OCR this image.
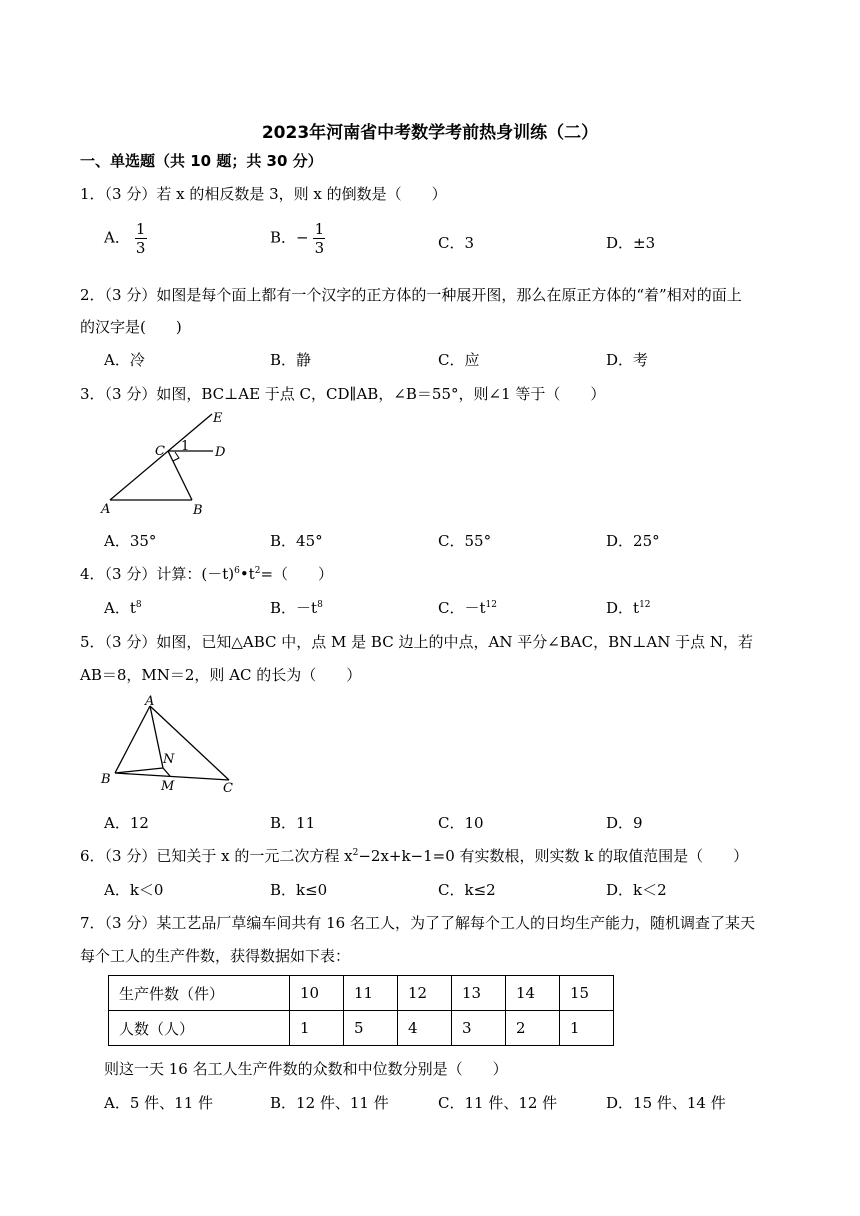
2023年河南省中考数学考前热身训练（二）
一、单选题（共 10 题；共 30 分）
1．（3 分）若 x 的相反数是 3，则 x 的倒数是（　　）
A． $\frac{1}{3}$	B．− $\frac{1}{3}$	C．3	D．±3
2．（3 分）如图是每个面上都有一个汉字的正方体的一种展开图，那么在原正方体的“着”相对的面上
的汉字是(　　)
A．冷	B．静	C．应	D．考
3．（3 分）如图，BC⊥AE 于点 C，CD∥AB，∠B＝55°，则∠1 等于（　　）
E
C 1 D
A	B
A．35°	B．45°	C．55°	D．25°
4．（3 分）计算：$(-t)^6•t^2=$（　　）
A．$t^8$	B．$-t^8$	C．$-t^{12}$	D．$t^{12}$
5．（3 分）如图，已知△ABC 中，点 M 是 BC 边上的中点，AN 平分∠BAC，BN⊥AN 于点 N，若
AB＝8，MN＝2，则 AC 的长为（　　）
A
N
B	M	C
A．12	B．11	C．10	D．9
6．（3 分）已知关于 x 的一元二次方程 $x^2-2x+k-1=0$ 有实数根，则实数 k 的取值范围是（　　）
A．k＜0	B．k≤0	C．k≤2	D．k＜2
7．（3 分）某工艺品厂草编车间共有 16 名工人，为了了解每个工人的日均生产能力，随机调查了某天
每个工人的生产件数，获得数据如下表：
生产件数（件）	10	11	12	13	14	15
人数（人）	1	5	4	3	2	1
则这一天 16 名工人生产件数的众数和中位数分别是（　　）
A．5 件、11 件	B．12 件、11 件	C．11 件、12 件	D．15 件、14 件
